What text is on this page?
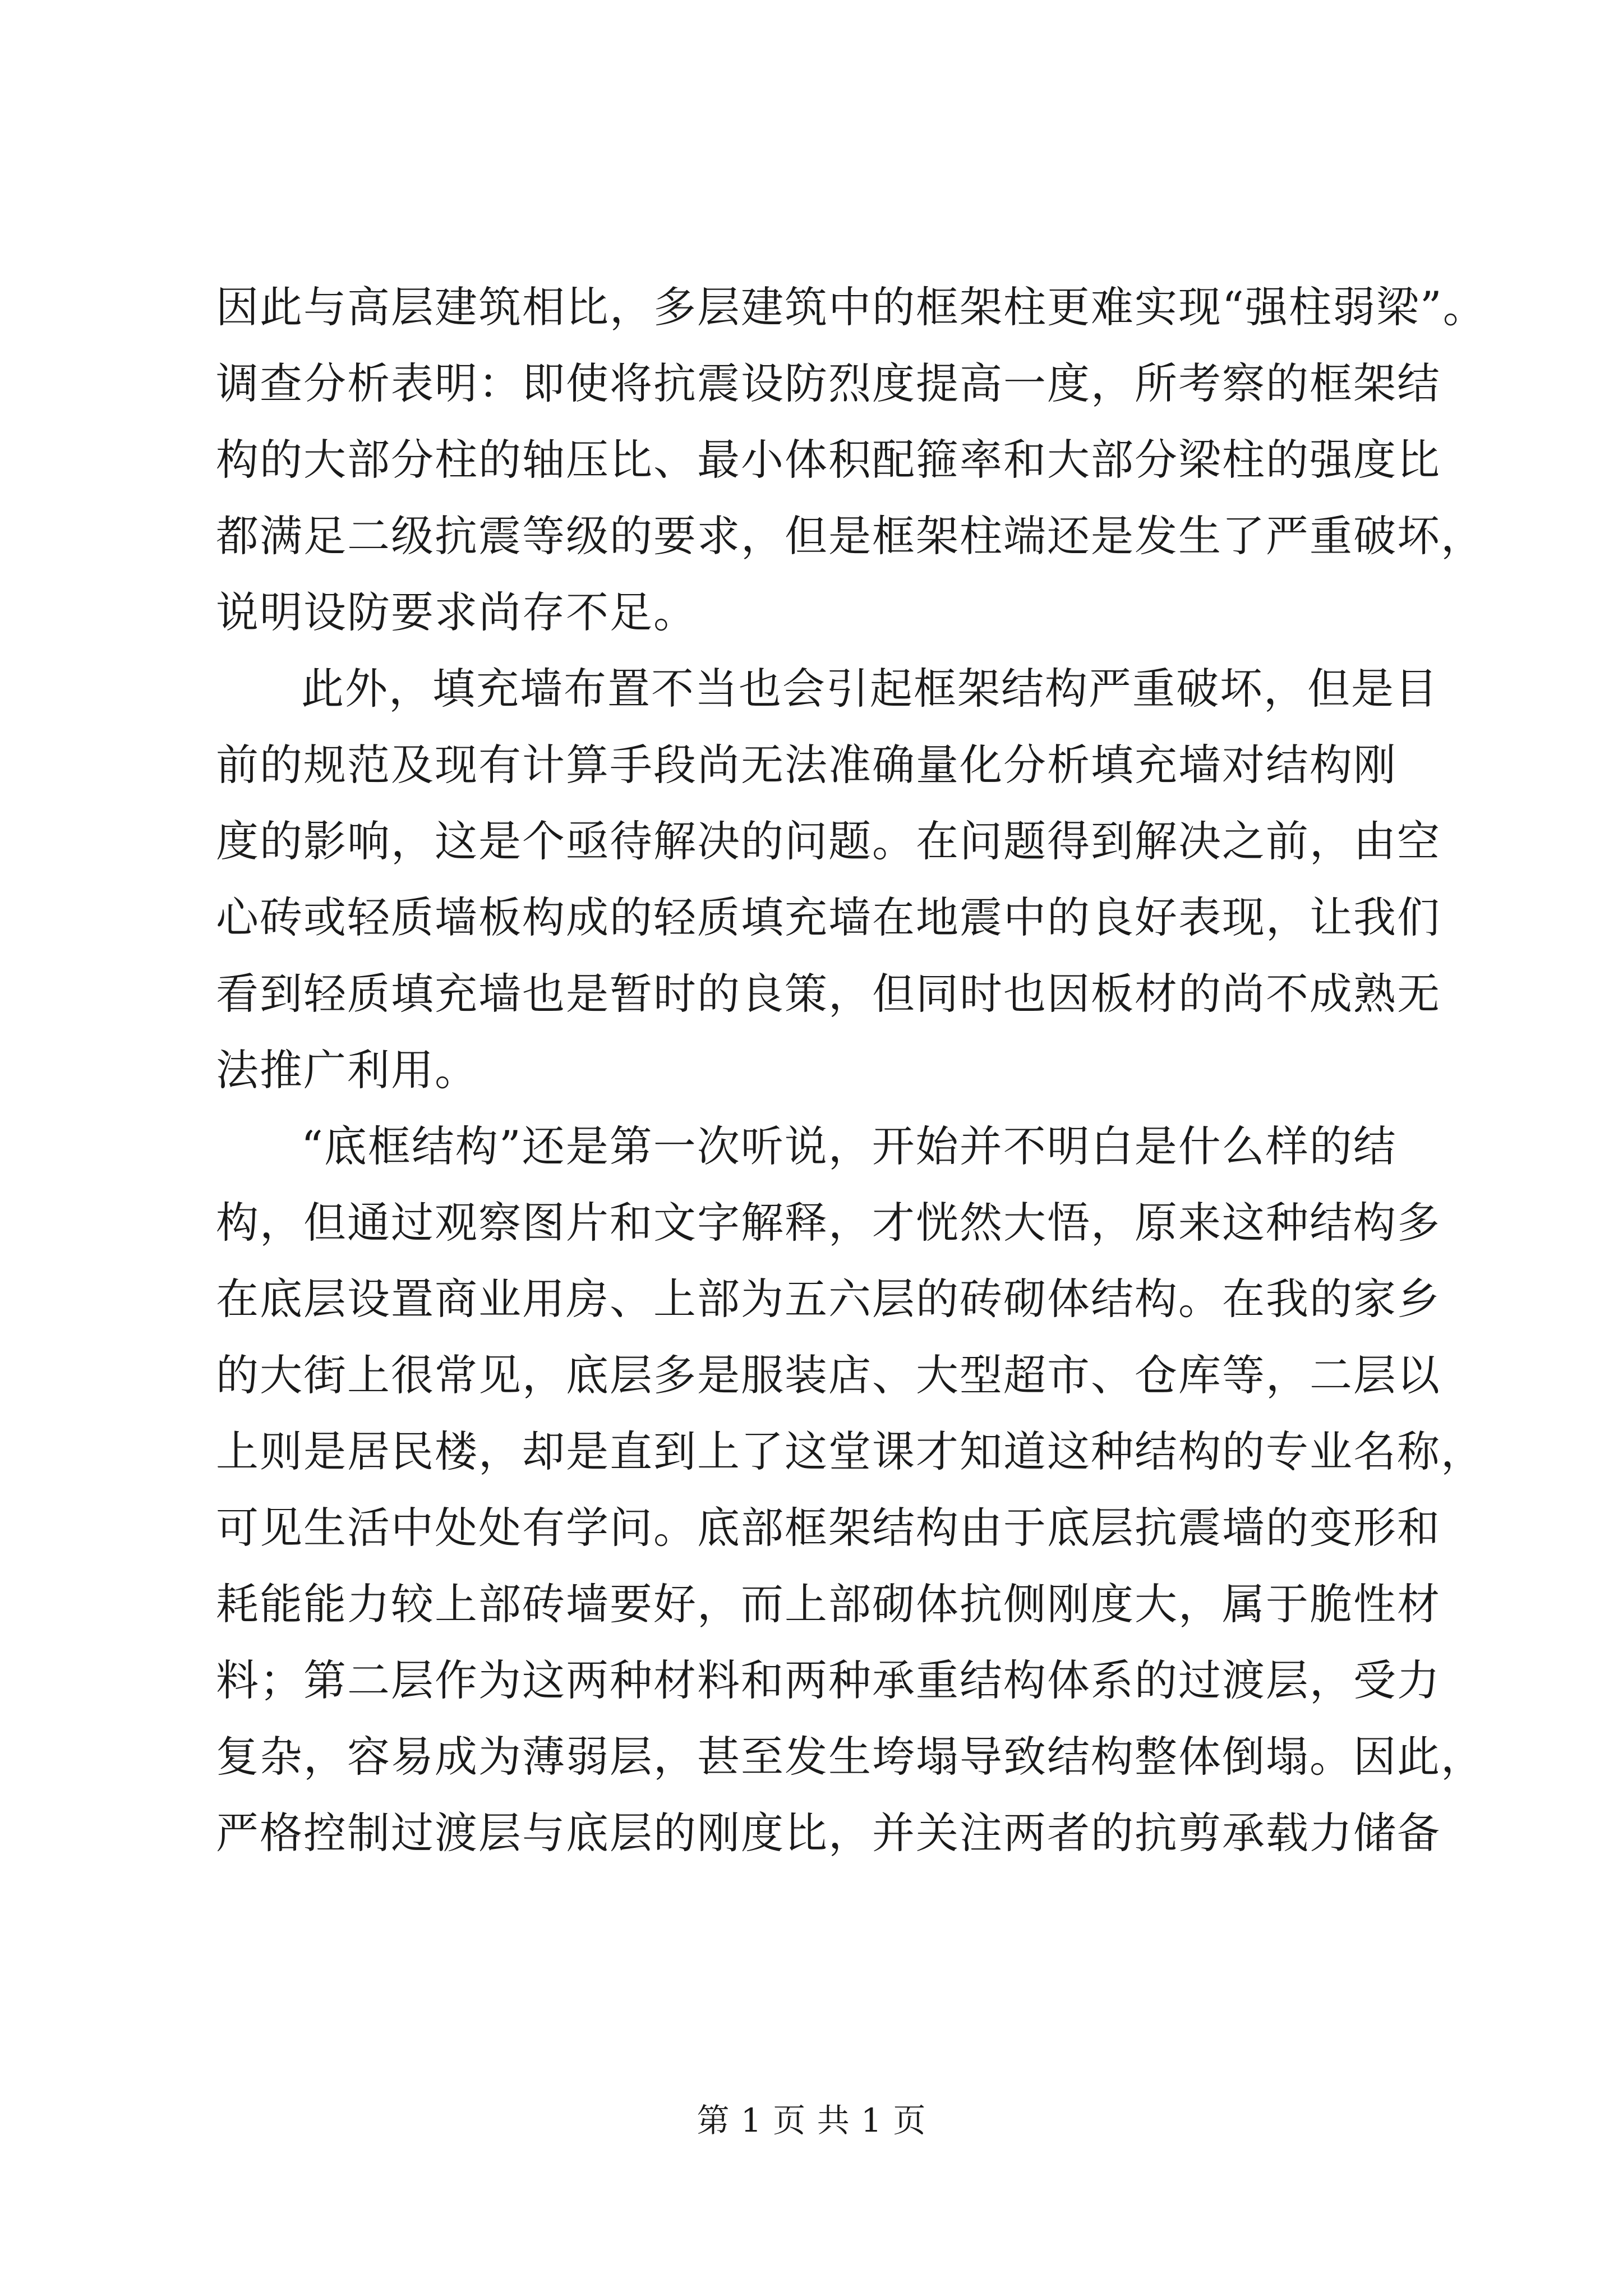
因此与高层建筑相比，多层建筑中的框架柱更难实现“强柱弱梁”。
调查分析表明：即使将抗震设防烈度提高一度，所考察的框架结
构的大部分柱的轴压比、最小体积配箍率和大部分梁柱的强度比
都满足二级抗震等级的要求，但是框架柱端还是发生了严重破坏，
说明设防要求尚存不足。
此外，填充墙布置不当也会引起框架结构严重破坏，但是目
前的规范及现有计算手段尚无法准确量化分析填充墙对结构刚
度的影响，这是个亟待解决的问题。在问题得到解决之前，由空
心砖或轻质墙板构成的轻质填充墙在地震中的良好表现，让我们
看到轻质填充墙也是暂时的良策，但同时也因板材的尚不成熟无
法推广利用。
“底框结构”还是第一次听说，开始并不明白是什么样的结
构，但通过观察图片和文字解释，才恍然大悟，原来这种结构多
在底层设置商业用房、上部为五六层的砖砌体结构。在我的家乡
的大街上很常见，底层多是服装店、大型超市、仓库等，二层以
上则是居民楼，却是直到上了这堂课才知道这种结构的专业名称，
可见生活中处处有学问。底部框架结构由于底层抗震墙的变形和
耗能能力较上部砖墙要好，而上部砌体抗侧刚度大，属于脆性材
料；第二层作为这两种材料和两种承重结构体系的过渡层，受力
复杂，容易成为薄弱层，甚至发生垮塌导致结构整体倒塌。因此，
严格控制过渡层与底层的刚度比，并关注两者的抗剪承载力储备
第 1 页 共 1 页
